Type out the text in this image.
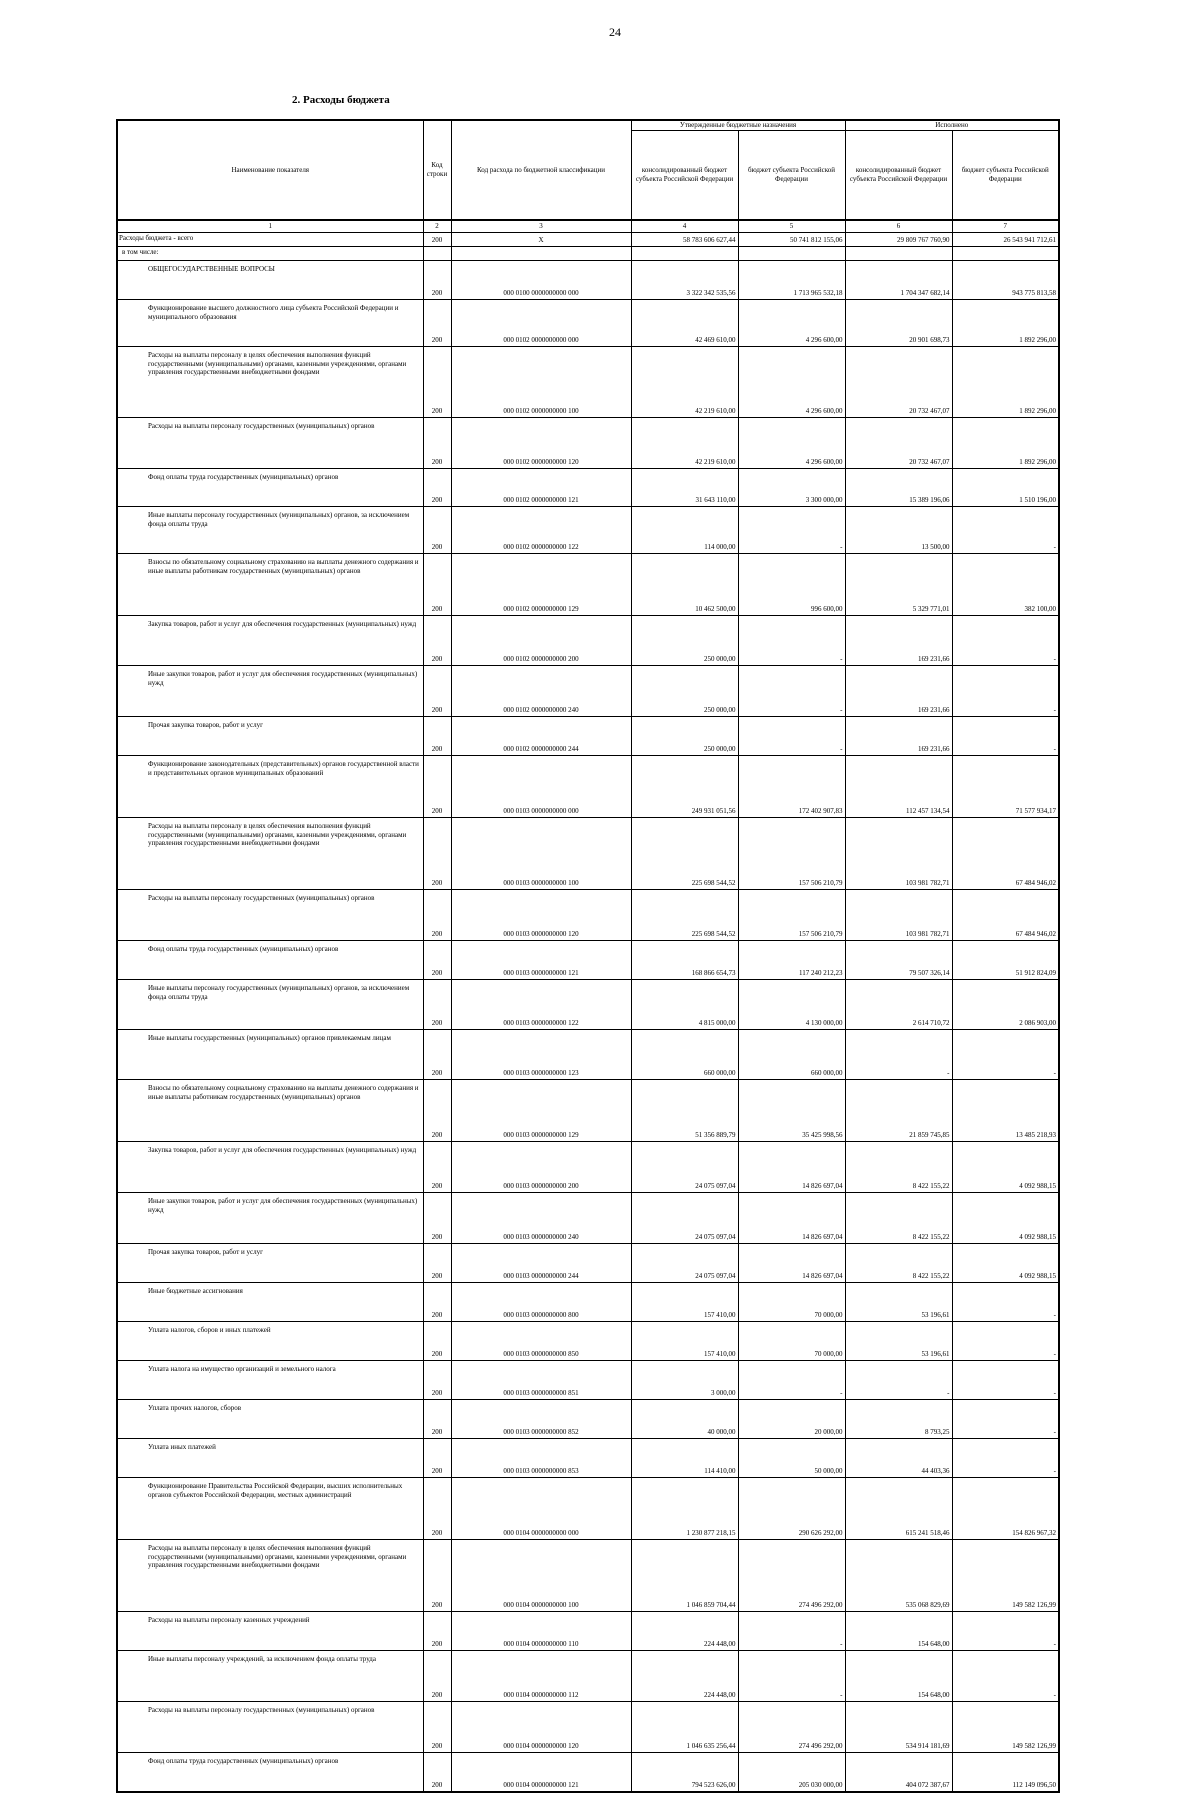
24
2. Расходы бюджета
Наименование показателя	Код строки	Код расхода по бюджетной классификации	Утвержденные бюджетные назначения		Исполнено	
			консолидированный бюджет субъекта Российской Федерации	бюджет субъекта Российской Федерации	консолидированный бюджет субъекта Российской Федерации	бюджет субъекта Российской Федерации
1	2	3	4	5	6	7
Расходы бюджета - всего	200	X	58 783 606 627,44	50 741 812 155,06	29 809 767 760,90	26 543 941 712,61
в том числе:						
ОБЩЕГОСУДАРСТВЕННЫЕ ВОПРОСЫ	200	000 0100 0000000000 000	3 322 342 535,56	1 713 965 532,18	1 704 347 682,14	943 775 813,58
Функционирование высшего должностного лица субъекта Российской Федерации и муниципального образования	200	000 0102 0000000000 000	42 469 610,00	4 296 600,00	20 901 698,73	1 892 296,00
Расходы на выплаты персоналу в целях обеспечения выполнения функций государственными (муниципальными) органами, казенными учреждениями, органами управления государственными внебюджетными фондами	200	000 0102 0000000000 100	42 219 610,00	4 296 600,00	20 732 467,07	1 892 296,00
Расходы на выплаты персоналу государственных (муниципальных) органов	200	000 0102 0000000000 120	42 219 610,00	4 296 600,00	20 732 467,07	1 892 296,00
Фонд оплаты труда государственных (муниципальных) органов	200	000 0102 0000000000 121	31 643 110,00	3 300 000,00	15 389 196,06	1 510 196,00
Иные выплаты персоналу государственных (муниципальных) органов, за исключением фонда оплаты труда	200	000 0102 0000000000 122	114 000,00	-	13 500,00	-
Взносы по обязательному социальному страхованию на выплаты денежного содержания и иные выплаты работникам государственных (муниципальных) органов	200	000 0102 0000000000 129	10 462 500,00	996 600,00	5 329 771,01	382 100,00
Закупка товаров, работ и услуг для обеспечения государственных (муниципальных) нужд	200	000 0102 0000000000 200	250 000,00	-	169 231,66	-
Иные закупки товаров, работ и услуг для обеспечения государственных (муниципальных) нужд	200	000 0102 0000000000 240	250 000,00	-	169 231,66	-
Прочая закупка товаров, работ и услуг	200	000 0102 0000000000 244	250 000,00	-	169 231,66	-
Функционирование законодательных (представительных) органов государственной власти и представительных органов муниципальных образований	200	000 0103 0000000000 000	249 931 051,56	172 402 907,83	112 457 134,54	71 577 934,17
Расходы на выплаты персоналу в целях обеспечения выполнения функций государственными (муниципальными) органами, казенными учреждениями, органами управления государственными внебюджетными фондами	200	000 0103 0000000000 100	225 698 544,52	157 506 210,79	103 981 782,71	67 484 946,02
Расходы на выплаты персоналу государственных (муниципальных) органов	200	000 0103 0000000000 120	225 698 544,52	157 506 210,79	103 981 782,71	67 484 946,02
Фонд оплаты труда государственных (муниципальных) органов	200	000 0103 0000000000 121	168 866 654,73	117 240 212,23	79 507 326,14	51 912 824,09
Иные выплаты персоналу государственных (муниципальных) органов, за исключением фонда оплаты труда	200	000 0103 0000000000 122	4 815 000,00	4 130 000,00	2 614 710,72	2 086 903,00
Иные выплаты государственных (муниципальных) органов привлекаемым лицам	200	000 0103 0000000000 123	660 000,00	660 000,00	-	-
Взносы по обязательному социальному страхованию на выплаты денежного содержания и иные выплаты работникам государственных (муниципальных) органов	200	000 0103 0000000000 129	51 356 889,79	35 425 998,56	21 859 745,85	13 485 218,93
Закупка товаров, работ и услуг для обеспечения государственных (муниципальных) нужд	200	000 0103 0000000000 200	24 075 097,04	14 826 697,04	8 422 155,22	4 092 988,15
Иные закупки товаров, работ и услуг для обеспечения государственных (муниципальных) нужд	200	000 0103 0000000000 240	24 075 097,04	14 826 697,04	8 422 155,22	4 092 988,15
Прочая закупка товаров, работ и услуг	200	000 0103 0000000000 244	24 075 097,04	14 826 697,04	8 422 155,22	4 092 988,15
Иные бюджетные ассигнования	200	000 0103 0000000000 800	157 410,00	70 000,00	53 196,61	-
Уплата налогов, сборов и иных платежей	200	000 0103 0000000000 850	157 410,00	70 000,00	53 196,61	-
Уплата налога на имущество организаций и земельного налога	200	000 0103 0000000000 851	3 000,00	-	-	-
Уплата прочих налогов, сборов	200	000 0103 0000000000 852	40 000,00	20 000,00	8 793,25	-
Уплата иных платежей	200	000 0103 0000000000 853	114 410,00	50 000,00	44 403,36	-
Функционирование Правительства Российской Федерации, высших исполнительных органов субъектов Российской Федерации, местных администраций	200	000 0104 0000000000 000	1 230 877 218,15	290 626 292,00	615 241 518,46	154 826 967,32
Расходы на выплаты персоналу в целях обеспечения выполнения функций государственными (муниципальными) органами, казенными учреждениями, органами управления государственными внебюджетными фондами	200	000 0104 0000000000 100	1 046 859 704,44	274 496 292,00	535 068 829,69	149 582 126,99
Расходы на выплаты персоналу казенных учреждений	200	000 0104 0000000000 110	224 448,00	-	154 648,00	-
Иные выплаты персоналу учреждений, за исключением фонда оплаты труда	200	000 0104 0000000000 112	224 448,00	-	154 648,00	-
Расходы на выплаты персоналу государственных (муниципальных) органов	200	000 0104 0000000000 120	1 046 635 256,44	274 496 292,00	534 914 181,69	149 582 126,99
Фонд оплаты труда государственных (муниципальных) органов	200	000 0104 0000000000 121	794 523 626,00	205 030 000,00	404 072 387,67	112 149 096,50
